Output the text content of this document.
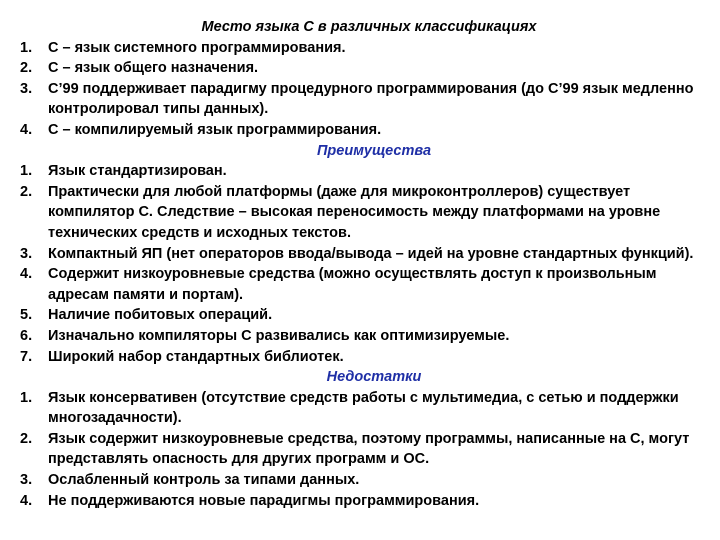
Место языка С в различных классификациях

1. С – язык системного программирования.
2. С – язык общего назначения.
3. С’99 поддерживает парадигму процедурного программирования (до С’99 язык медленно контролировал типы данных).
4. С – компилируемый язык программирования.

Преимущества

1. Язык стандартизирован.
2. Практически для любой платформы (даже для микроконтроллеров) существует компилятор С. Следствие – высокая переносимость между платформами на уровне технических средств и исходных текстов.
3. Компактный ЯП (нет операторов ввода/вывода – идей на уровне стандартных функций).
4. Содержит низкоуровневые средства (можно осуществлять доступ к произвольным адресам памяти и портам).
5. Наличие побитовых операций.
6. Изначально компиляторы С развивались как оптимизируемые.
7. Широкий набор стандартных библиотек.

Недостатки

1. Язык консервативен (отсутствие средств работы с мультимедиа, с сетью и поддержки многозадачности).
2. Язык содержит низкоуровневые средства, поэтому программы, написанные на С, могут представлять опасность для других программ и ОС.
3. Ослабленный контроль за типами данных.
4. Не поддерживаются новые парадигмы программирования.
